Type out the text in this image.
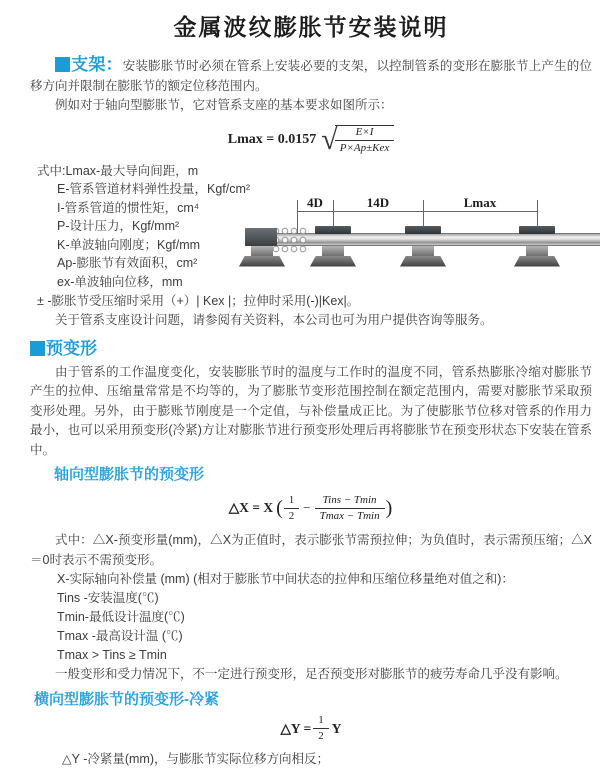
金属波纹膨胀节安装说明

支架：安装膨胀节时必须在管系上安装必要的支架，以控制管系的变形在膨胀节上产生的位移方向并限制在膨胀节的额定位移范围内。

例如对于轴向型膨胀节，它对管系支座的基本要求如图所示：

Lmax = 0.0157 √
$\frac{E\times I}{\text{P×Ap±Kex}}$
式中:Lmax-最大导向间距，m
E-管系管道材料弹性投量，Kgf/cm²
I-管系管道的惯性矩，cm⁴
P-设计压力，Kgf/mm²
K-单波轴向刚度；Kgf/mm
Ap-膨胀节有效面积，cm²
ex-单波轴向位移，mm
4D	14D	Lmax
± -膨胀节受压缩时采用（+）| Kex |；拉伸时采用(-)|Kex|。

关于管系支座设计问题，请参阅有关资料，本公司也可为用户提供咨询等服务。

预变形

由于管系的工作温度变化，安装膨胀节时的温度与工作时的温度不同，管系热膨胀冷缩对膨胀节产生的拉伸、压缩量常常是不均等的，为了膨胀节变形范围控制在额定范围内，需要对膨胀节采取预变形处理。另外，由于膨账节刚度是一个定值，与补偿量成正比。为了使膨胀节位移对管系的作用力最小，也可以采用预变形(冷紧)方让对膨胀节进行预变形处理后再将膨胀节在预变形状态下安装在管系中。

轴向型膨胀节的预变形
△X = X ( $\frac{1}{2} - \frac{\text{Tins − Tmin}}{Tmax - Tmin}$ )

式中：△X-预变形量(mm)，△X为正值时，表示膨张节需预拉伸；为负值时，表示需预压缩；△X＝0时表示不需预变形。

X-实际轴向补偿量 (mm) (相对于膨胀节中间状态的拉伸和压缩位移量绝对值之和)：
Tins -安装温度(℃)
Tmin-最低设计温度(℃)
Tmax -最高设计温 (℃)
Tmax > Tins ≥ Tmin

一般变形和受力情况下，不一定进行预变形，足否预变形对膨胀节的疲劳寿命几乎没有影响。

横向型膨胀节的预变形-冷紧
△Y = $\frac{1}{2}$ Y
△Y -冷紧量(mm)，与膨胀节实际位移方向相反；
